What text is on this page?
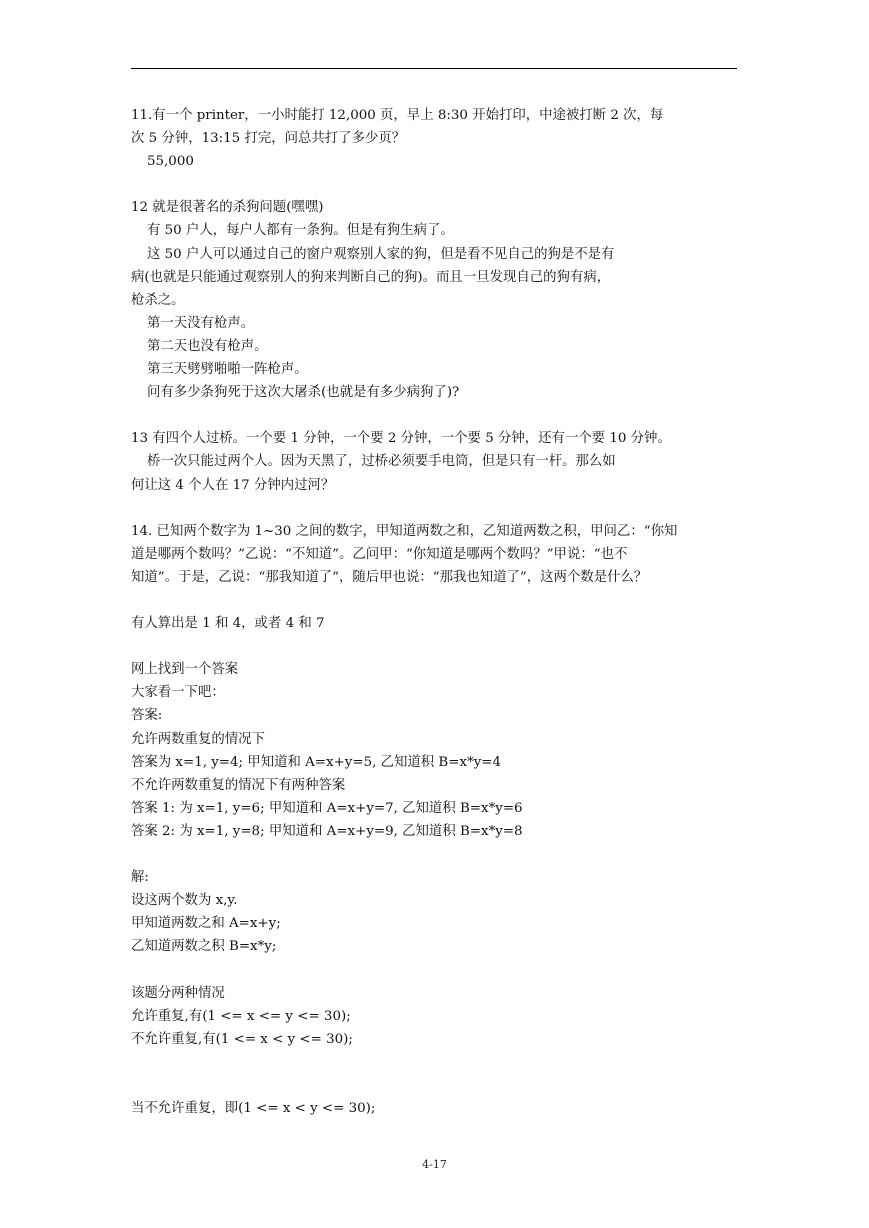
11.有一个 printer，一小时能打 12,000 页，早上 8:30 开始打印，中途被打断 2 次，每
次 5 分钟，13:15 打完，问总共打了多少页？
55,000
12 就是很著名的杀狗问题(嘿嘿)
有 50 户人，每户人都有一条狗。但是有狗生病了。
这 50 户人可以通过自己的窗户观察别人家的狗，但是看不见自己的狗是不是有
病(也就是只能通过观察别人的狗来判断自己的狗)。而且一旦发现自己的狗有病，
枪杀之。
第一天没有枪声。
第二天也没有枪声。
第三天劈劈啪啪一阵枪声。
问有多少条狗死于这次大屠杀(也就是有多少病狗了)?
13 有四个人过桥。一个要 1 分钟，一个要 2 分钟，一个要 5 分钟，还有一个要 10 分钟。
桥一次只能过两个人。因为天黑了，过桥必须要手电筒，但是只有一杆。那么如
何让这 4 个人在 17 分钟内过河？
14. 已知两个数字为 1~30 之间的数字，甲知道两数之和，乙知道两数之积，甲问乙：“你知
道是哪两个数吗？”乙说：“不知道”。乙问甲：“你知道是哪两个数吗？”甲说：“也不
知道”。于是，乙说：“那我知道了”，随后甲也说：“那我也知道了”，这两个数是什么？
有人算出是 1 和 4，或者 4 和 7
网上找到一个答案
大家看一下吧：
答案:
允许两数重复的情况下
答案为 x=1, y=4; 甲知道和 A=x+y=5, 乙知道积 B=x*y=4
不允许两数重复的情况下有两种答案
答案 1: 为 x=1, y=6; 甲知道和 A=x+y=7, 乙知道积 B=x*y=6
答案 2: 为 x=1, y=8; 甲知道和 A=x+y=9, 乙知道积 B=x*y=8
解:
设这两个数为 x,y.
甲知道两数之和 A=x+y;
乙知道两数之积 B=x*y;
该题分两种情况
允许重复,有(1 <= x <= y <= 30);
不允许重复,有(1 <= x < y <= 30);
当不允许重复，即(1 <= x < y <= 30);
4-17
